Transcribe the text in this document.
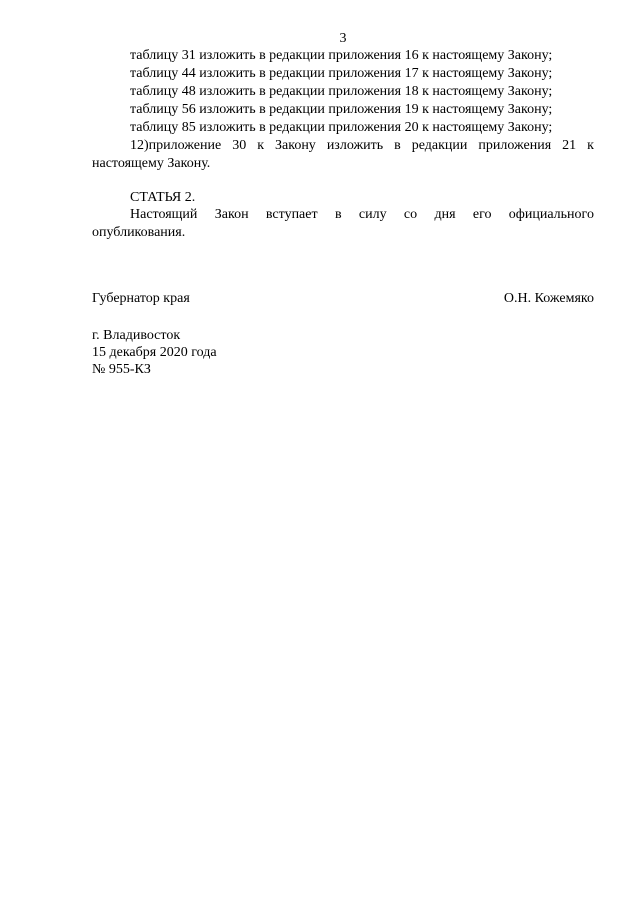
3
таблицу 31 изложить в редакции приложения 16 к настоящему Закону;
таблицу 44 изложить в редакции приложения 17 к настоящему Закону;
таблицу 48 изложить в редакции приложения 18 к настоящему Закону;
таблицу 56 изложить в редакции приложения 19 к настоящему Закону;
таблицу 85 изложить в редакции приложения 20 к настоящему Закону;
12)приложение 30 к Закону изложить в редакции приложения 21 к
настоящему Закону.
СТАТЬЯ 2.
Настоящий Закон вступает в силу со дня его официального
опубликования.
Губернатор края	О.Н. Кожемяко
г. Владивосток
15 декабря 2020 года
№ 955-КЗ
